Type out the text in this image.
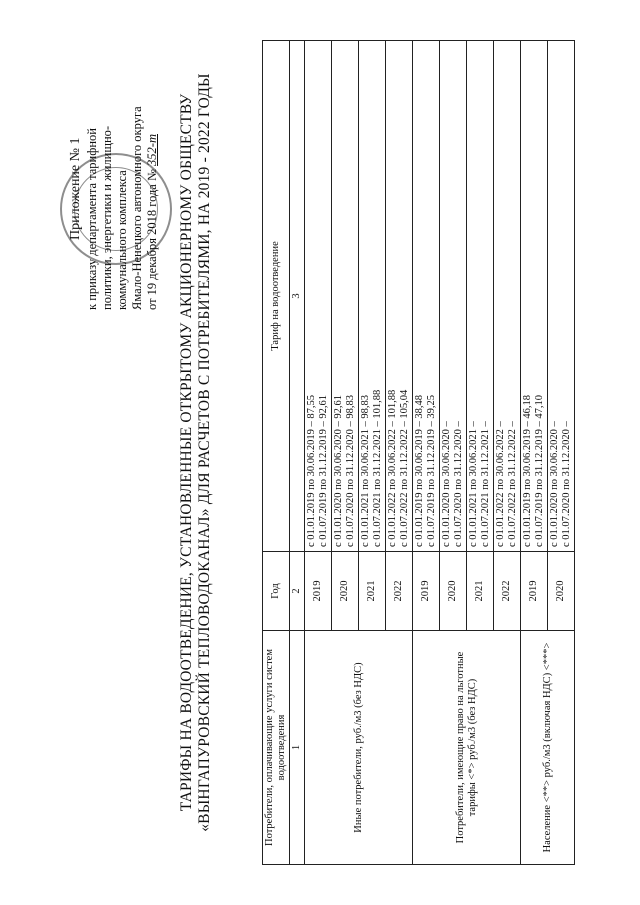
Приложение № 1 к приказу департамента тарифной политики, энергетики и жилищно- коммунального комплекса Ямало-Ненецкого автономного округа от 19 декабря 2018 года № 352-т ТАРИФЫ НА ВОДООТВЕДЕНИЕ, УСТАНОВЛЕННЫЕ ОТКРЫТОМУ АКЦИОНЕРНОМУ ОБЩЕСТВУ «ВЫНГАПУРОВСКИЙ ТЕПЛОВОДОКАНАЛ» ДЛЯ РАСЧЕТОВ С ПОТРЕБИТЕЛЯМИ, НА 2019 - 2022 ГОДЫ	Потребители, оплачивающие услуги систем водоотведения	Год	Тариф на водоотведение
1	2	3
Иные потребители, руб./м3 (без НДС)	2019	с 01.01.2019 по 30.06.2019 – 87,55
с 01.07.2019 по 31.12.2019 – 92,61

	2020	с 01.01.2020 по 30.06.2020 – 92,61
с 01.07.2020 по 31.12.2020 – 98,83

	2021	с 01.01.2021 по 30.06.2021 – 98,83
с 01.07.2021 по 31.12.2021 – 101,88

	2022	с 01.01.2022 по 30.06.2022 – 101,88
с 01.07.2022 по 31.12.2022 – 105,04

Потребители, имеющие право на льготные тарифы <*> руб./м3 (без НДС)	2019	с 01.01.2019 по 30.06.2019 – 38,48
с 01.07.2019 по 31.12.2019 – 39,25

	2020	с 01.01.2020 по 30.06.2020 –
с 01.07.2020 по 31.12.2020 –

	2021	с 01.01.2021 по 30.06.2021 –
с 01.07.2021 по 31.12.2021 –

	2022	с 01.01.2022 по 30.06.2022 –
с 01.07.2022 по 31.12.2022 –

Население <**> руб./м3 (включая НДС) <***>	2019	с 01.01.2019 по 30.06.2019 – 46,18
с 01.07.2019 по 31.12.2019 – 47,10

	2020	с 01.01.2020 по 30.06.2020 –
с 01.07.2020 по 31.12.2020 –
